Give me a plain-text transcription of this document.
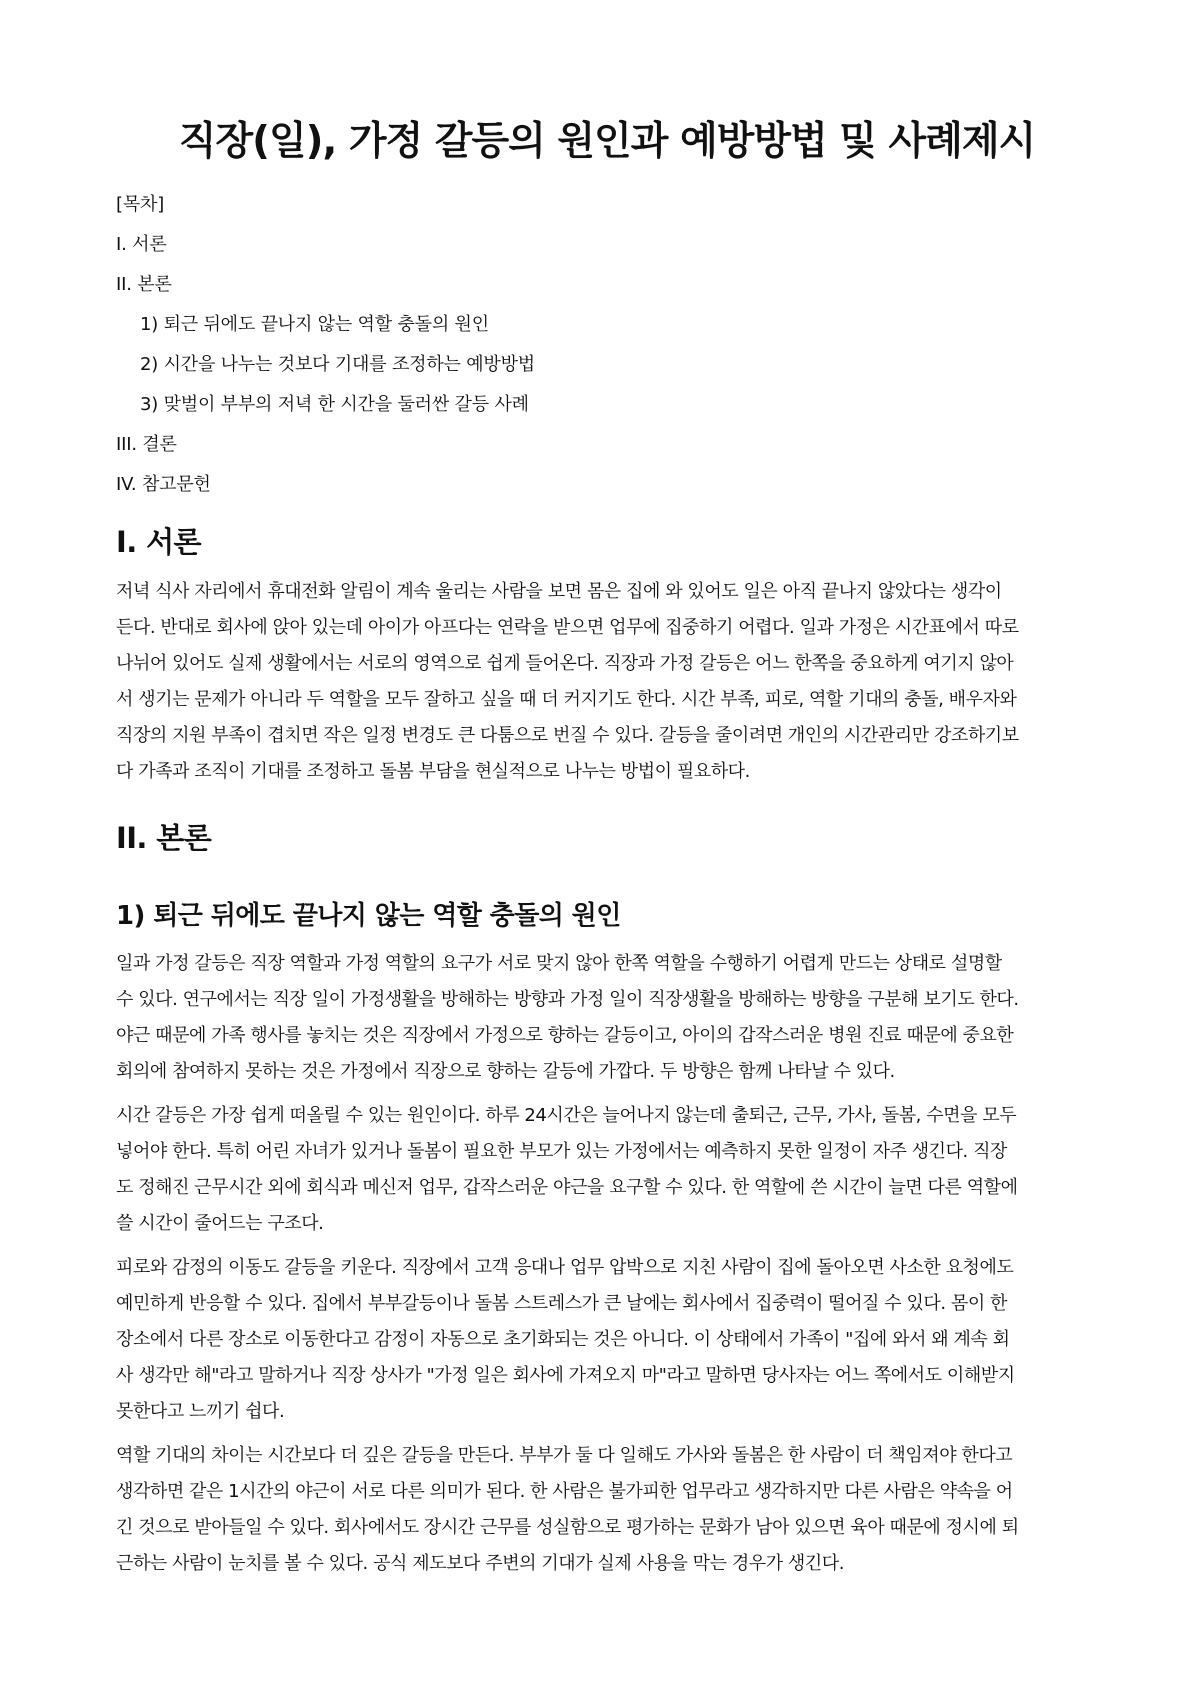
직장(일), 가정 갈등의 원인과 예방방법 및 사례제시
[목차]
I. 서론
II. 본론
1) 퇴근 뒤에도 끝나지 않는 역할 충돌의 원인
2) 시간을 나누는 것보다 기대를 조정하는 예방방법
3) 맞벌이 부부의 저녁 한 시간을 둘러싼 갈등 사례
III. 결론
IV. 참고문헌
I. 서론
저녁 식사 자리에서 휴대전화 알림이 계속 울리는 사람을 보면 몸은 집에 와 있어도 일은 아직 끝나지 않았다는 생각이
든다. 반대로 회사에 앉아 있는데 아이가 아프다는 연락을 받으면 업무에 집중하기 어렵다. 일과 가정은 시간표에서 따로
나뉘어 있어도 실제 생활에서는 서로의 영역으로 쉽게 들어온다. 직장과 가정 갈등은 어느 한쪽을 중요하게 여기지 않아
서 생기는 문제가 아니라 두 역할을 모두 잘하고 싶을 때 더 커지기도 한다. 시간 부족, 피로, 역할 기대의 충돌, 배우자와
직장의 지원 부족이 겹치면 작은 일정 변경도 큰 다툼으로 번질 수 있다. 갈등을 줄이려면 개인의 시간관리만 강조하기보
다 가족과 조직이 기대를 조정하고 돌봄 부담을 현실적으로 나누는 방법이 필요하다.
II. 본론
1) 퇴근 뒤에도 끝나지 않는 역할 충돌의 원인
일과 가정 갈등은 직장 역할과 가정 역할의 요구가 서로 맞지 않아 한쪽 역할을 수행하기 어렵게 만드는 상태로 설명할
수 있다. 연구에서는 직장 일이 가정생활을 방해하는 방향과 가정 일이 직장생활을 방해하는 방향을 구분해 보기도 한다.
야근 때문에 가족 행사를 놓치는 것은 직장에서 가정으로 향하는 갈등이고, 아이의 갑작스러운 병원 진료 때문에 중요한
회의에 참여하지 못하는 것은 가정에서 직장으로 향하는 갈등에 가깝다. 두 방향은 함께 나타날 수 있다.
시간 갈등은 가장 쉽게 떠올릴 수 있는 원인이다. 하루 24시간은 늘어나지 않는데 출퇴근, 근무, 가사, 돌봄, 수면을 모두
넣어야 한다. 특히 어린 자녀가 있거나 돌봄이 필요한 부모가 있는 가정에서는 예측하지 못한 일정이 자주 생긴다. 직장
도 정해진 근무시간 외에 회식과 메신저 업무, 갑작스러운 야근을 요구할 수 있다. 한 역할에 쓴 시간이 늘면 다른 역할에
쓸 시간이 줄어드는 구조다.
피로와 감정의 이동도 갈등을 키운다. 직장에서 고객 응대나 업무 압박으로 지친 사람이 집에 돌아오면 사소한 요청에도
예민하게 반응할 수 있다. 집에서 부부갈등이나 돌봄 스트레스가 큰 날에는 회사에서 집중력이 떨어질 수 있다. 몸이 한
장소에서 다른 장소로 이동한다고 감정이 자동으로 초기화되는 것은 아니다. 이 상태에서 가족이 "집에 와서 왜 계속 회
사 생각만 해"라고 말하거나 직장 상사가 "가정 일은 회사에 가져오지 마"라고 말하면 당사자는 어느 쪽에서도 이해받지
못한다고 느끼기 쉽다.
역할 기대의 차이는 시간보다 더 깊은 갈등을 만든다. 부부가 둘 다 일해도 가사와 돌봄은 한 사람이 더 책임져야 한다고
생각하면 같은 1시간의 야근이 서로 다른 의미가 된다. 한 사람은 불가피한 업무라고 생각하지만 다른 사람은 약속을 어
긴 것으로 받아들일 수 있다. 회사에서도 장시간 근무를 성실함으로 평가하는 문화가 남아 있으면 육아 때문에 정시에 퇴
근하는 사람이 눈치를 볼 수 있다. 공식 제도보다 주변의 기대가 실제 사용을 막는 경우가 생긴다.
